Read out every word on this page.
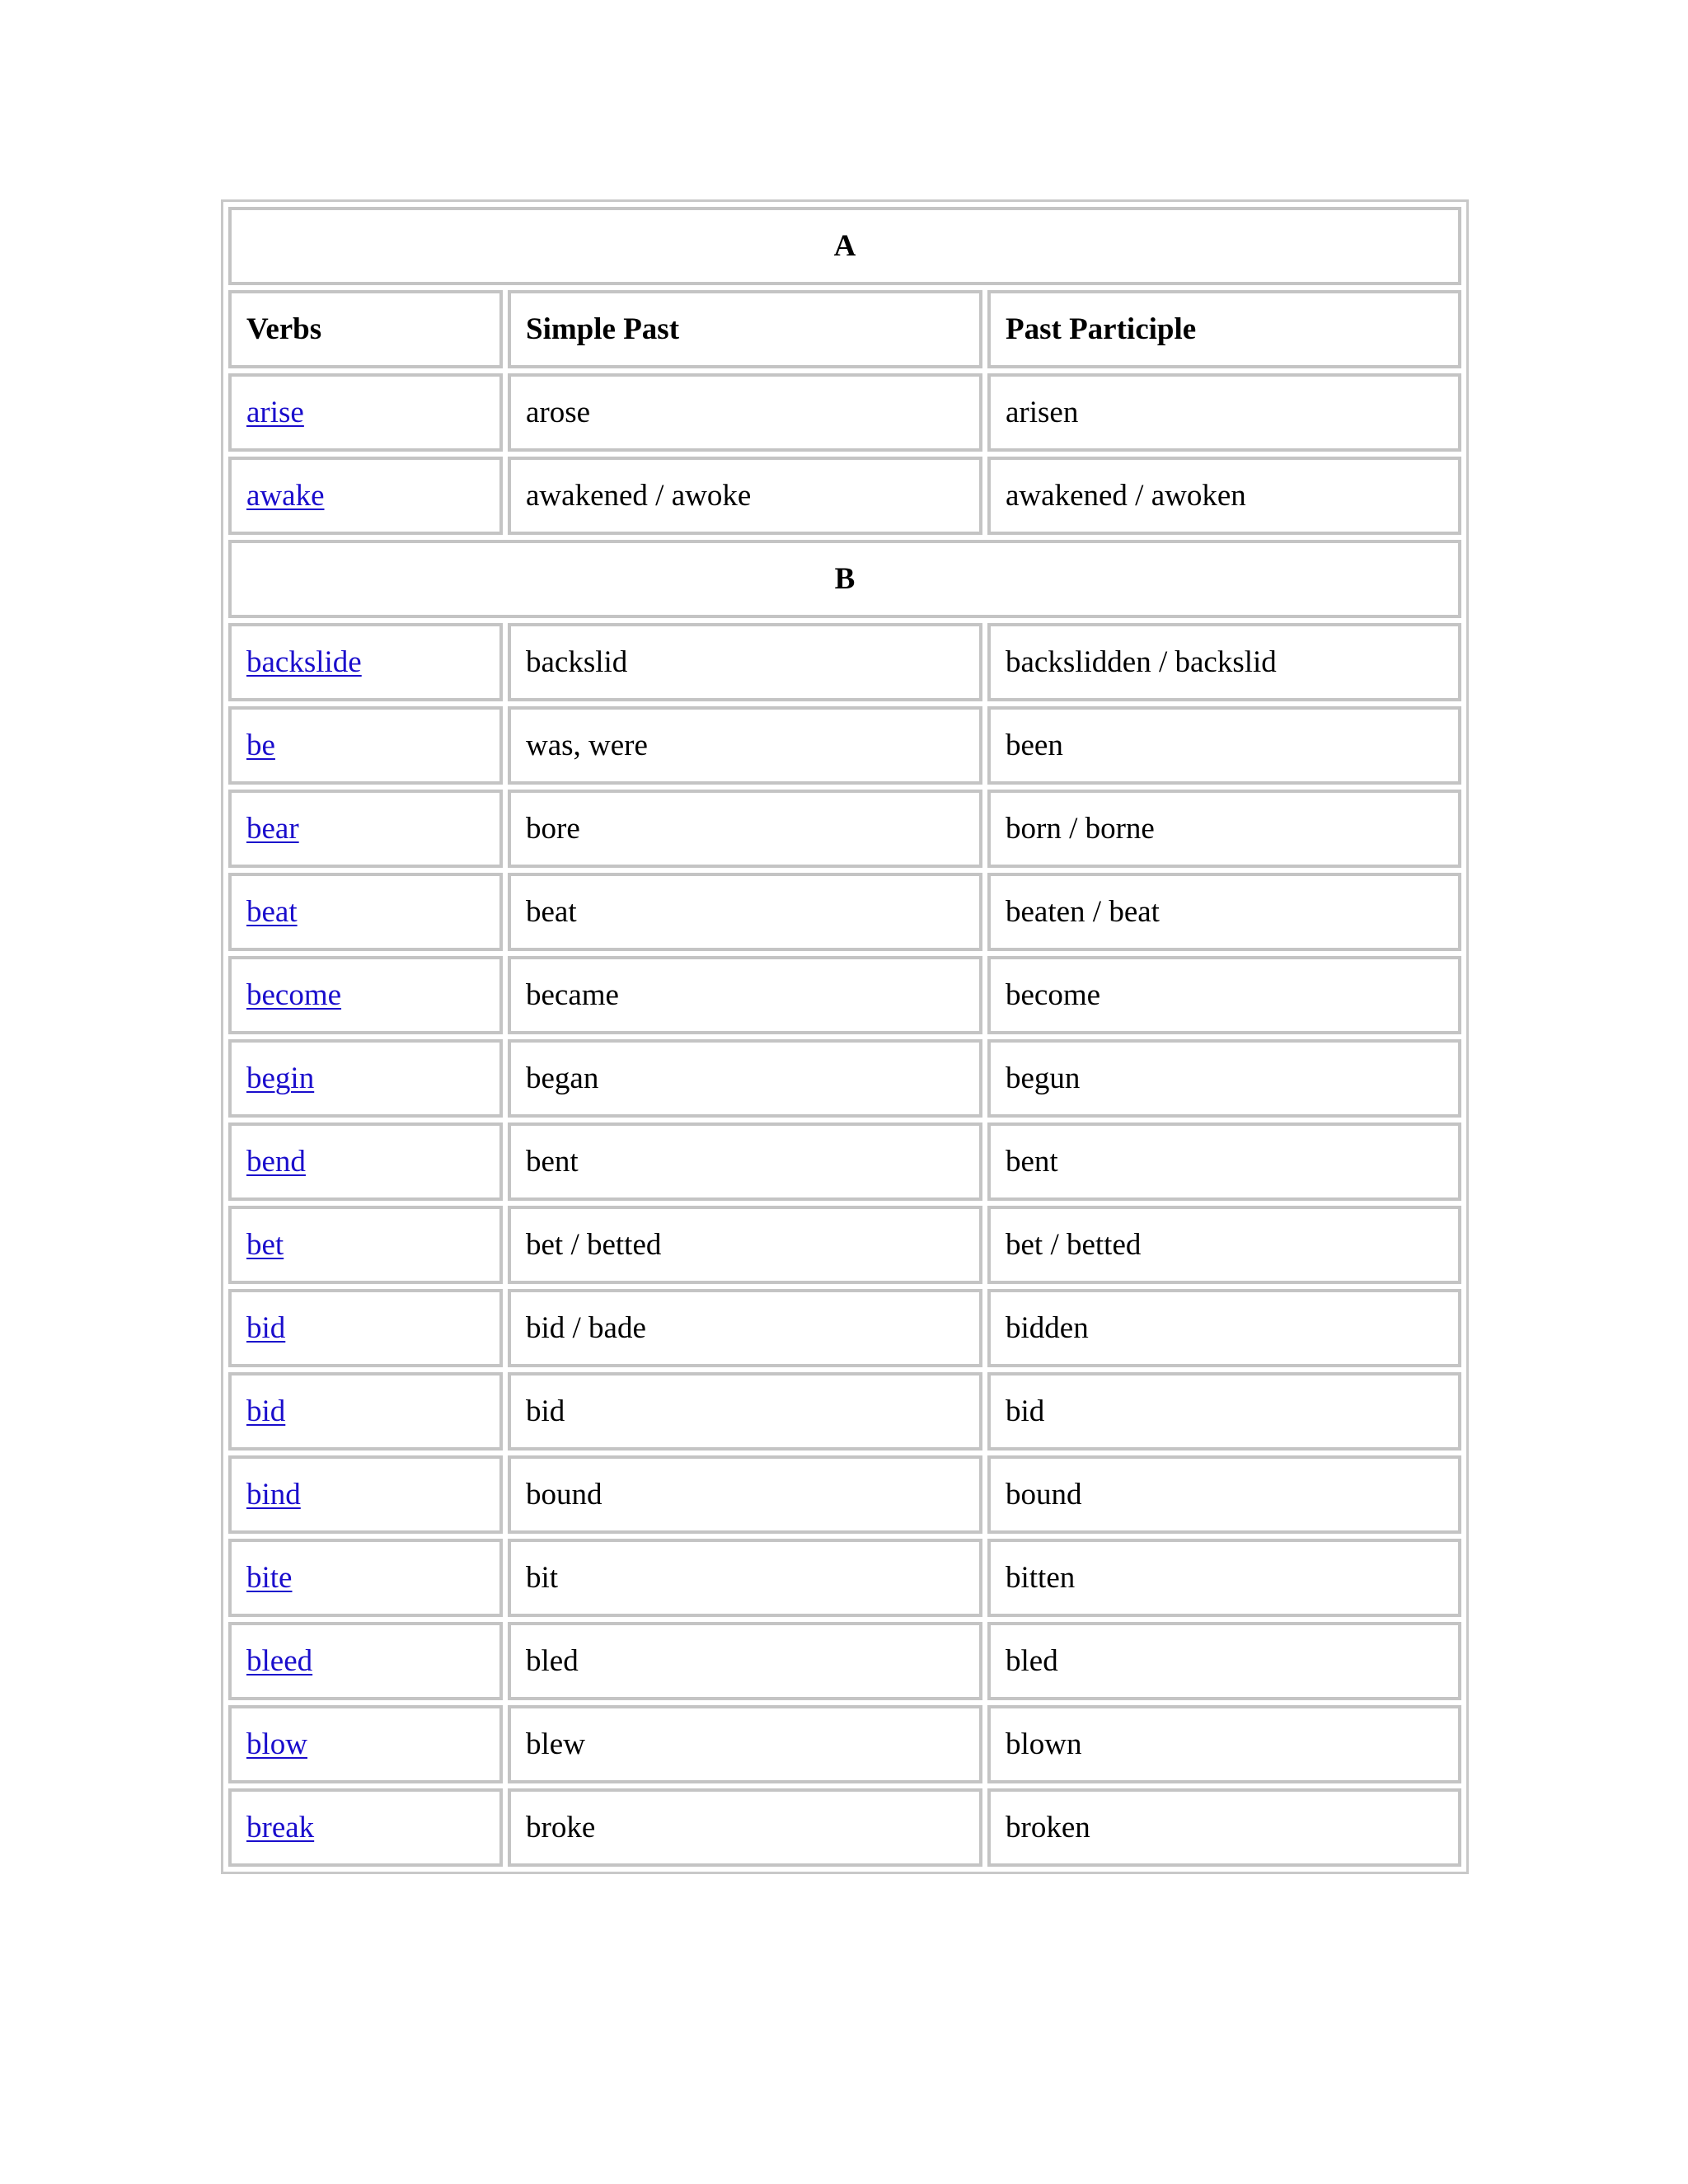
A		
Verbs	Simple Past	Past Participle
arise	arose	arisen
awake	awakened / awoke	awakened / awoken
B		
backslide	backslid	backslidden / backslid
be	was, were	been
bear	bore	born / borne
beat	beat	beaten / beat
become	became	become
begin	began	begun
bend	bent	bent
bet	bet / betted	bet / betted
bid	bid / bade	bidden
bid	bid	bid
bind	bound	bound
bite	bit	bitten
bleed	bled	bled
blow	blew	blown
break	broke	broken
